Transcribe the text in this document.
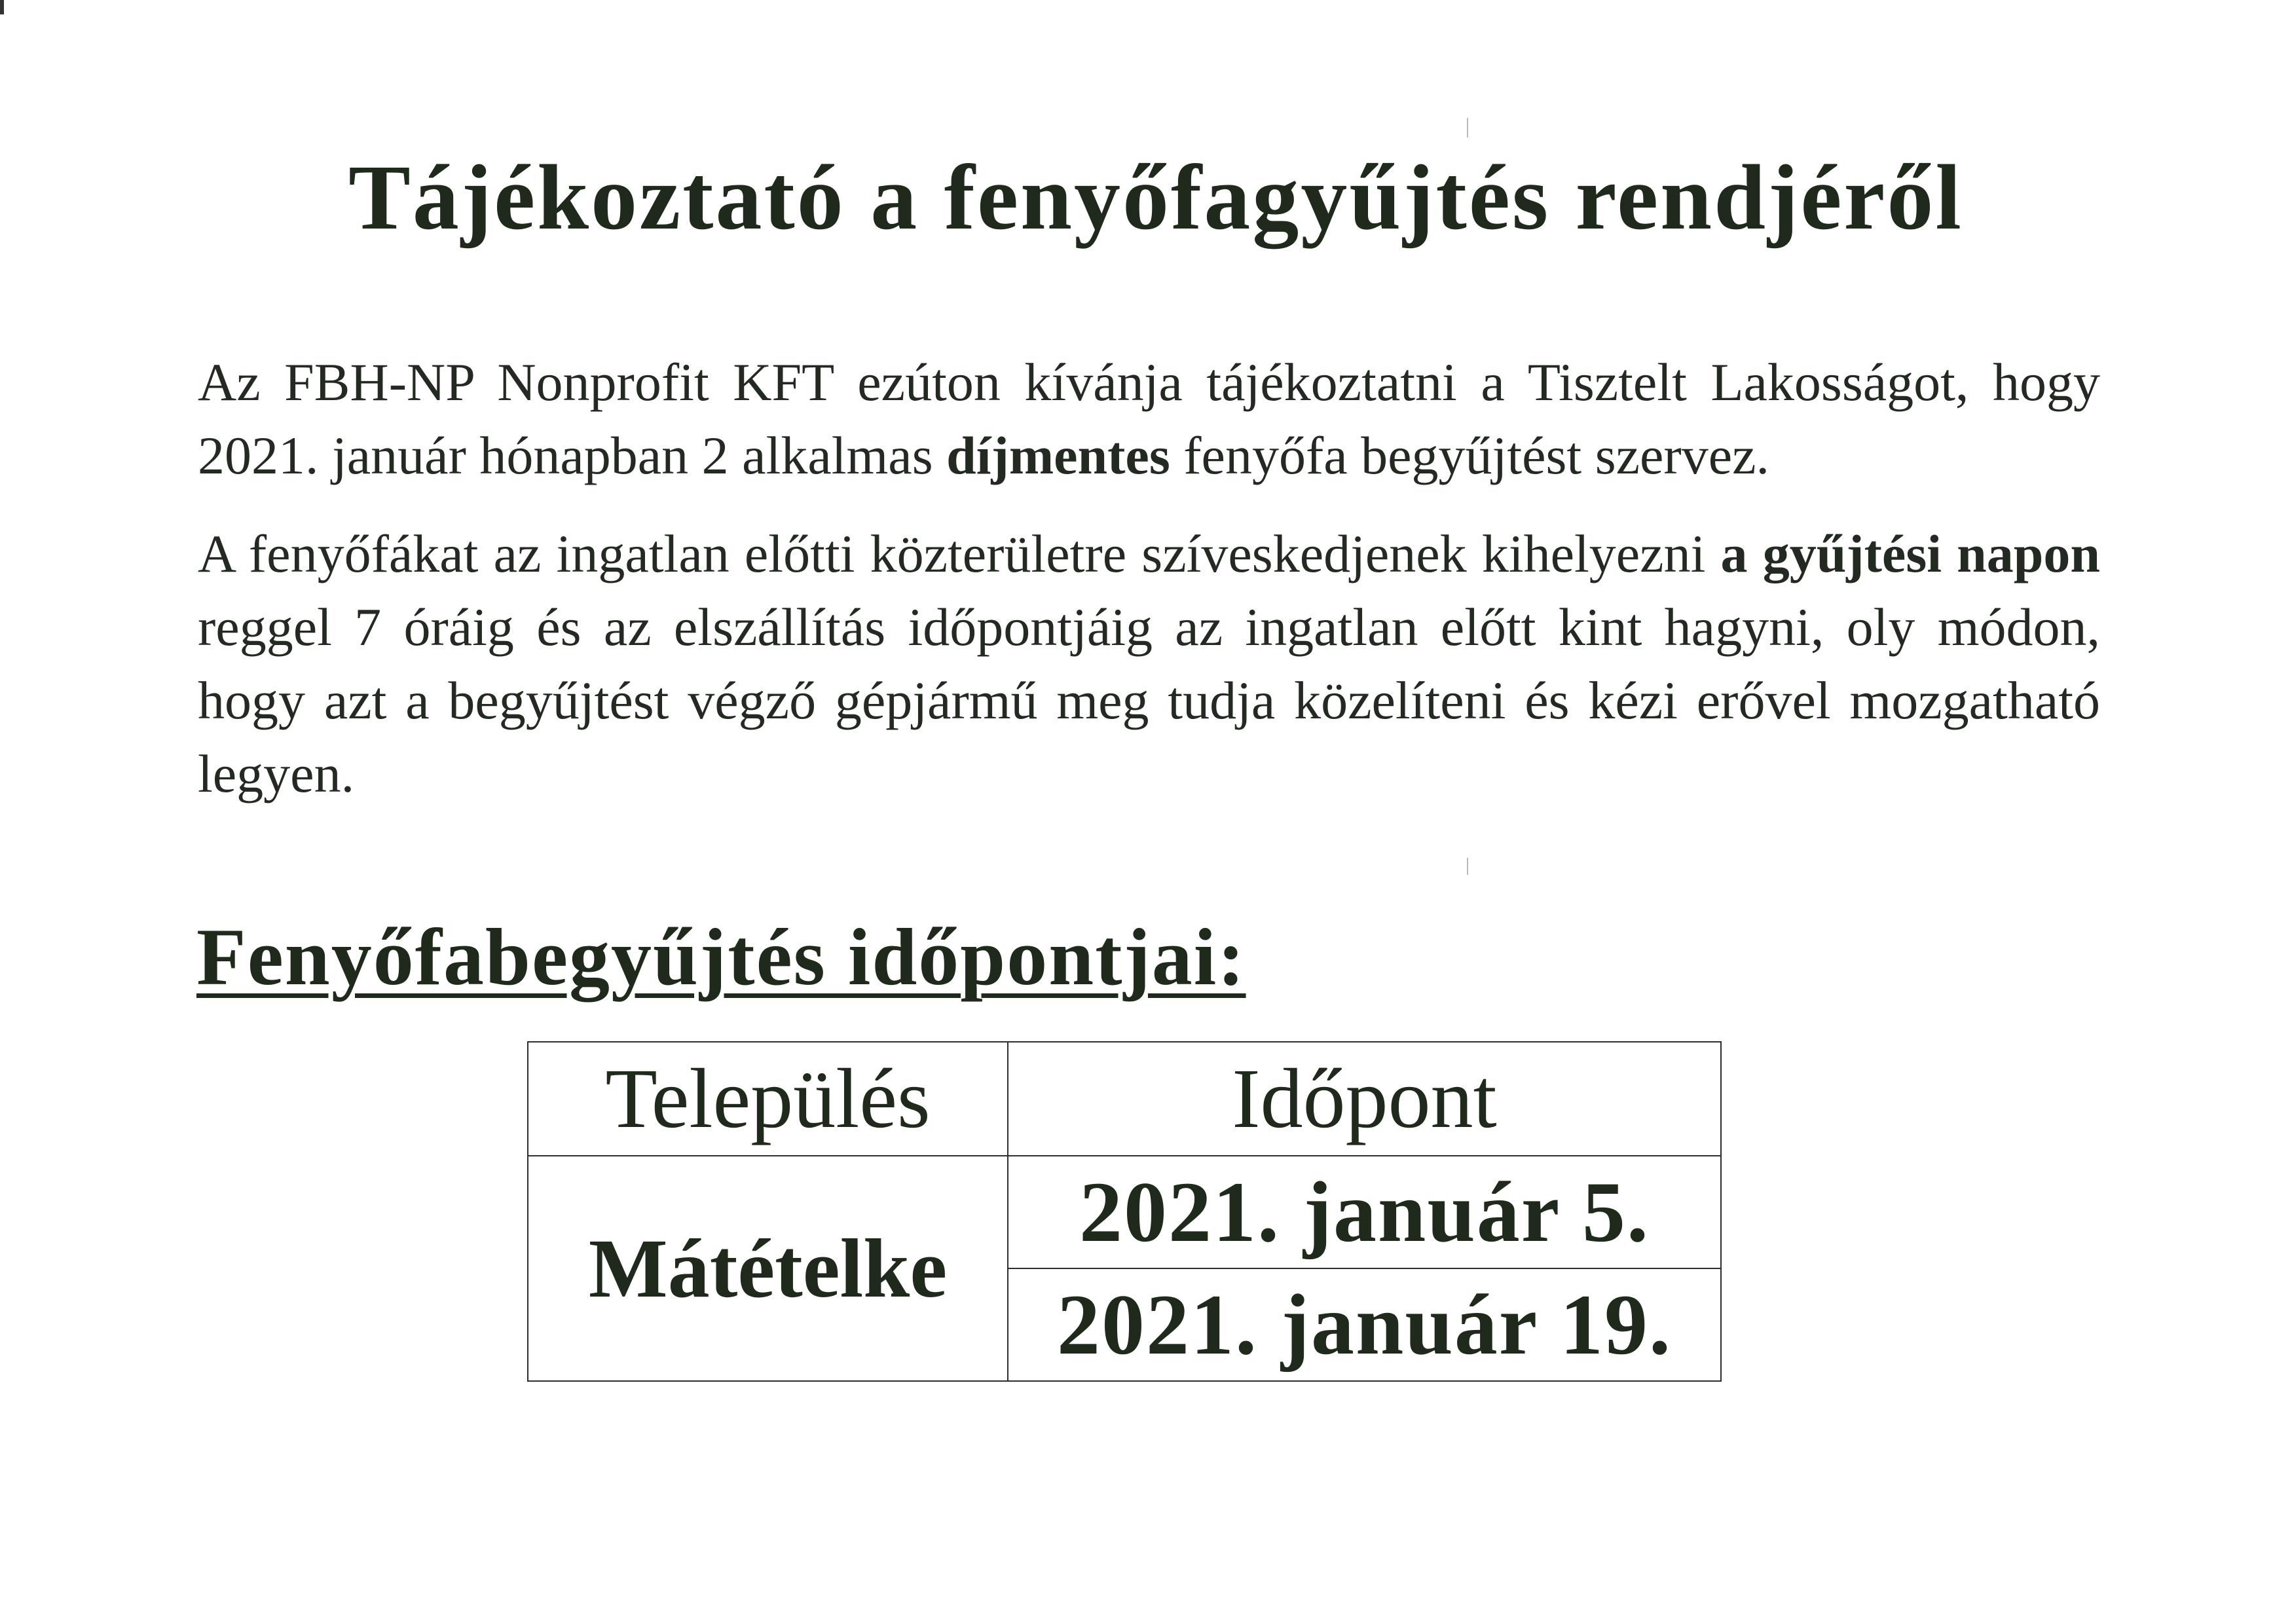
Tájékoztató a fenyőfagyűjtés rendjéről
Az FBH-NP Nonprofit KFT ezúton kívánja tájékoztatni a Tisztelt Lakosságot, hogy 2021. január hónapban 2 alkalmas díjmentes fenyőfa begyűjtést szervez.
A fenyőfákat az ingatlan előtti közterületre szíveskedjenek kihelyezni a gyűjtési napon reggel 7 óráig és az elszállítás időpontjáig az ingatlan előtt kint hagyni, oly módon, hogy azt a begyűjtést végző gépjármű meg tudja közelíteni és kézi erővel mozgatható legyen.
Fenyőfabegyűjtés időpontjai:
Település	Időpont
Mátételke	2021. január 5.
	2021. január 19.
